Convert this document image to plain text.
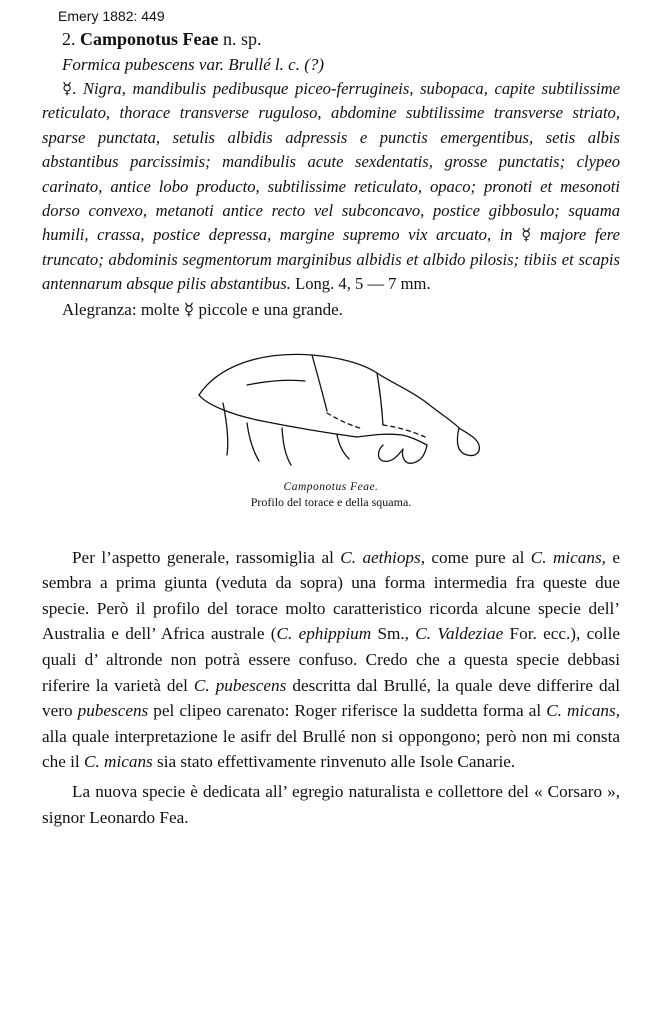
Emery 1882: 449
2. Camponotus Feae n. sp.
Formica pubescens var. Brullé l. c. (?)

☿. Nigra, mandibulis pedibusque piceo-ferrugineis, subopaca, capite subtilissime reticulato, thorace transverse ruguloso, abdomine subtilissime transverse striato, sparse punctata, setulis albidis adpressis e punctis emergentibus, setis albis abstantibus parcissimis; mandibulis acute sexdentatis, grosse punctatis; clypeo carinato, antice lobo producto, subtilissime reticulato, opaco; pronoti et mesonoti dorso convexo, metanoti antice recto vel subconcavo, postice gibbosulo; squama humili, crassa, postice depressa, margine supremo vix arcuato, in ☿ majore fere truncato; abdominis segmentorum marginibus albidis et albido pilosis; tibiis et scapis antennarum absque pilis abstantibus. Long. 4, 5 — 7 mm.

Alegranza: molte ☿ piccole e una grande.
Camponotus Feae.
Profilo del torace e della squama.

Per l’aspetto generale, rassomiglia al C. aethiops, come pure al C. micans, e sembra a prima giunta (veduta da sopra) una forma intermedia fra queste due specie. Però il profilo del torace molto caratteristico ricorda alcune specie dell’ Australia e dell’ Africa australe (C. ephippium Sm., C. Valdeziae For. ecc.), colle quali d’ altronde non potrà essere confuso. Credo che a questa specie debbasi riferire la varietà del C. pubescens descritta dal Brullé, la quale deve differire dal vero pubescens pel clipeo carenato: Roger riferisce la suddetta forma al C. micans, alla quale interpretazione le asifr del Brullé non si oppongono; però non mi consta che il C. micans sia stato effettivamente rinvenuto alle Isole Canarie.

La nuova specie è dedicata all’ egregio naturalista e collettore del « Corsaro », signor Leonardo Fea.
